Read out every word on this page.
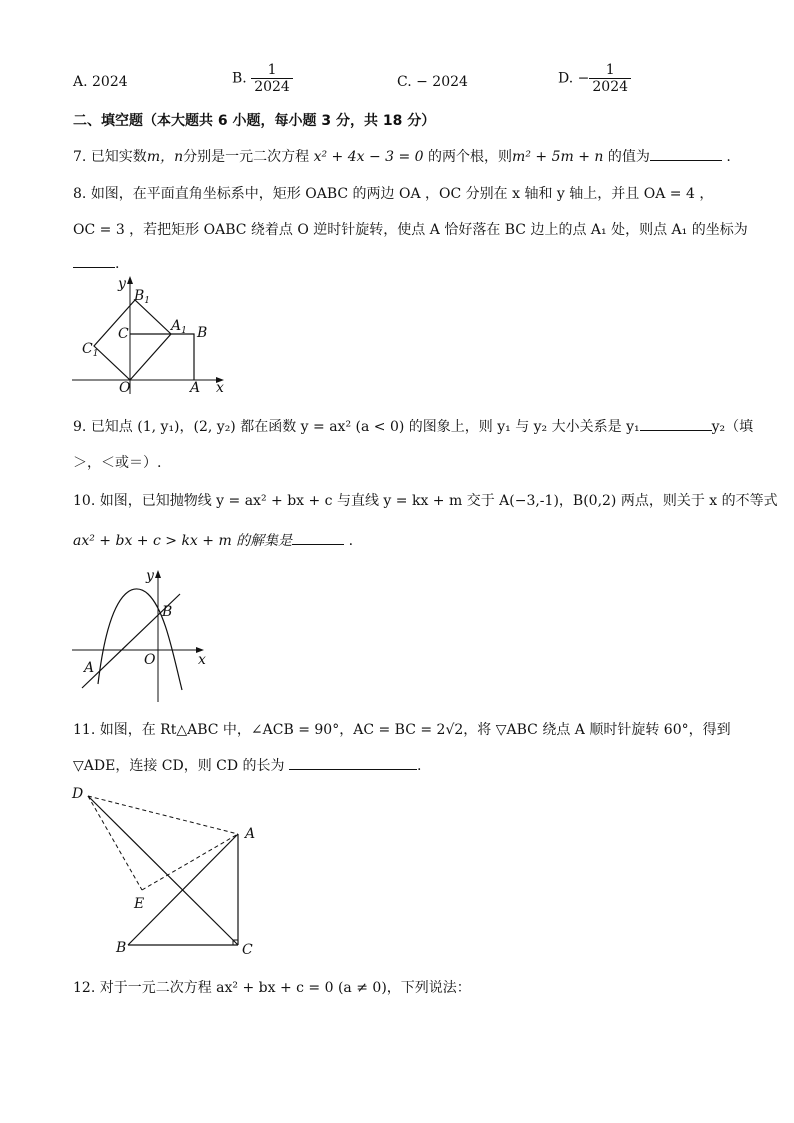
A. 2024	B. $\frac{1}{2024}$	C. − 2024	D. − $\frac{1}{2024}$
二、填空题（本大题共 6 小题，每小题 3 分，共 18 分）
7. 已知实数m，n分别是一元二次方程 x² + 4x − 3 = 0 的两个根，则m² + 5m + n 的值为	.
8. 如图，在平面直角坐标系中，矩形 OABC 的两边 OA ，OC 分别在 x 轴和 y 轴上，并且 OA = 4 ，
OC = 3 ，若把矩形 OABC 绕着点 O 逆时针旋转，使点 A 恰好落在 BC 边上的点 A₁ 处，则点 A₁ 的坐标为
.
y
x
$B_1$
C	$A_1$ B
$C_1$
O	A
9. 已知点 (1, y₁)，(2, y₂) 都在函数 y = ax² (a < 0) 的图象上，则 y₁ 与 y₂ 大小关系是 y₁	y₂（填
＞，＜或＝）.
10. 如图，已知抛物线 y = ax² + bx + c 与直线 y = kx + m 交于 A(−3,-1)，B(0,2) 两点，则关于 x 的不等式
ax² + bx + c > kx + m 的解集是	.
y
x
B
O
A
11. 如图，在 Rt△ABC 中，∠ACB = 90°，AC = BC = 2√2，将 ▽ABC 绕点 A 顺时针旋转 60°，得到
▽ADE，连接 CD，则 CD 的长为	.
D
A
E
B	C
12. 对于一元二次方程 ax² + bx + c = 0 (a ≠ 0)，下列说法：
